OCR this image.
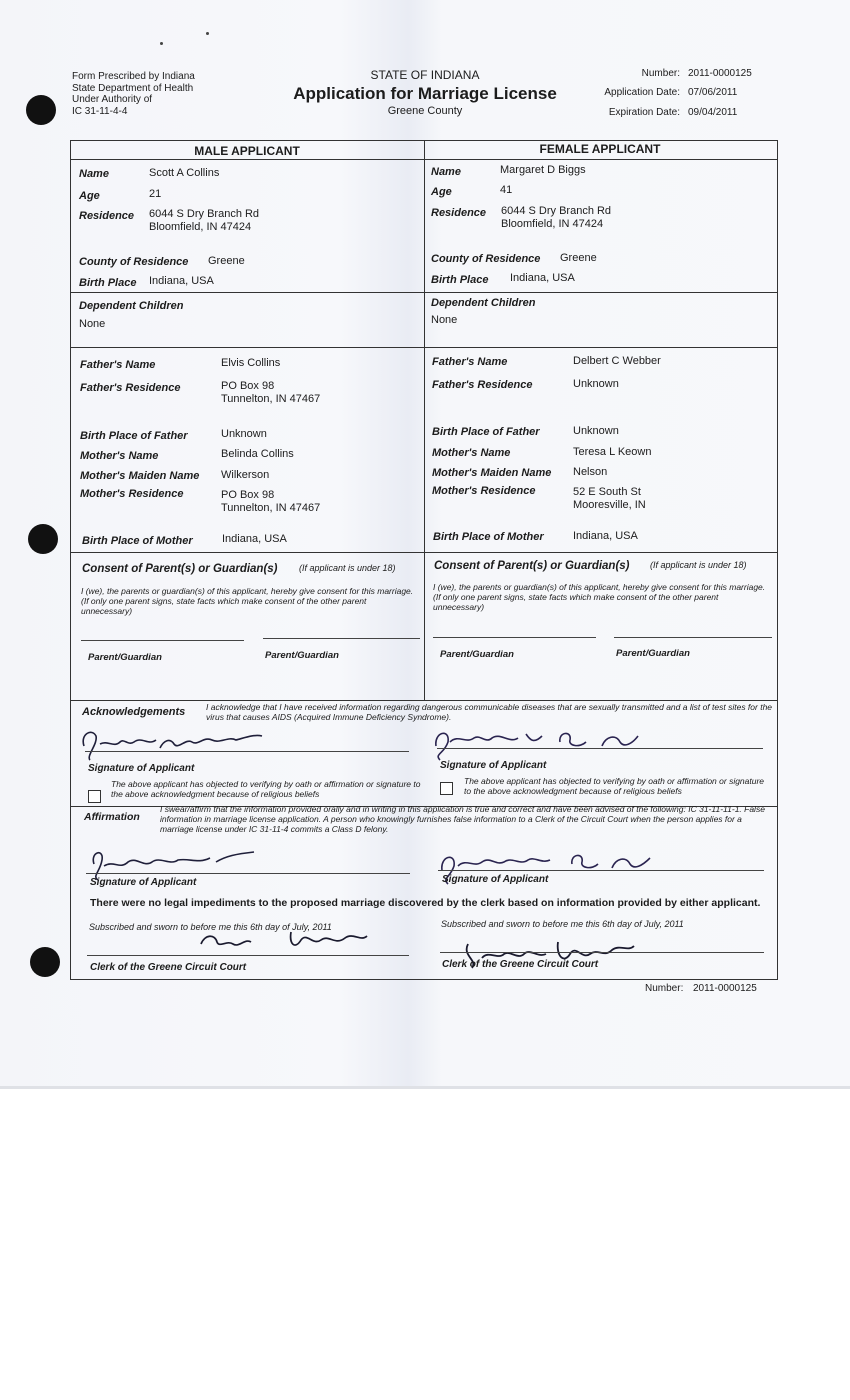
Form Prescribed by Indiana
State Department of Health
Under Authority of
IC 31-11-4-4
STATE OF INDIANA
Application for Marriage License
Greene County
Number: 2011-0000125
Application Date: 07/06/2011
Expiration Date: 09/04/2011
MALE APPLICANT	FEMALE APPLICANT
Name	Scott A Collins
Age	21
Residence 6044 S Dry Branch Rd
Bloomfield, IN 47424
County of Residence Greene
Birth Place Indiana, USA
Dependent Children
None
Father's Name	Elvis Collins
Father's Residence	PO Box 98
Tunnelton, IN 47467
Birth Place of Father	Unknown
Mother's Name	Belinda Collins
Mother's Maiden Name Wilkerson
Mother's Residence	PO Box 98
Tunnelton, IN 47467
Birth Place of Mother	Indiana, USA
Name	Margaret D Biggs
Age	41
Residence 6044 S Dry Branch Rd
Bloomfield, IN 47424
County of Residence Greene
Birth Place Indiana, USA
Dependent Children
None
Father's Name	Delbert C Webber
Father's Residence	Unknown
Birth Place of Father	Unknown
Mother's Name	Teresa L Keown
Mother's Maiden Name Nelson
Mother's Residence	52 E South St
Mooresville, IN
Birth Place of Mother	Indiana, USA
Consent of Parent(s) or Guardian(s) (If applicant is under 18)
I (we), the parents or guardian(s) of this applicant, hereby give consent for this marriage. (If only one parent signs, state facts which make consent of the other parent unnecessary)
Parent/Guardian	Parent/Guardian
Consent of Parent(s) or Guardian(s) (If applicant is under 18)
I (we), the parents or guardian(s) of this applicant, hereby give consent for this marriage. (If only one parent signs, state facts which make consent of the other parent unnecessary)
Parent/Guardian	Parent/Guardian
Acknowledgements I acknowledge that I have received information regarding dangerous communicable diseases that are sexually transmitted and a list of test sites for the virus that causes AIDS (Acquired Immune Deficiency Syndrome).
Signature of Applicant
The above applicant has objected to verifying by oath or affirmation or signature to the above acknowledgment because of religious beliefs
Signature of Applicant
The above applicant has objected to verifying by oath or affirmation or signature to the above acknowledgment because of religious beliefs
Affirmation
I swear/affirm that the information provided orally and in writing in this application is true and correct and have been advised of the following: IC 31-11-11-1. False information in marriage license application. A person who knowingly furnishes false information to a Clerk of the Circuit Court when the person applies for a marriage license under IC 31-11-4 commits a Class D felony.
Signature of Applicant	Signature of Applicant
There were no legal impediments to the proposed marriage discovered by the clerk based on information provided by either applicant.
Subscribed and sworn to before me this 6th day of July, 2011	Subscribed and sworn to before me this 6th day of July, 2011
Clerk of the Greene Circuit Court	Clerk of the Greene Circuit Court
Number: 2011-0000125
